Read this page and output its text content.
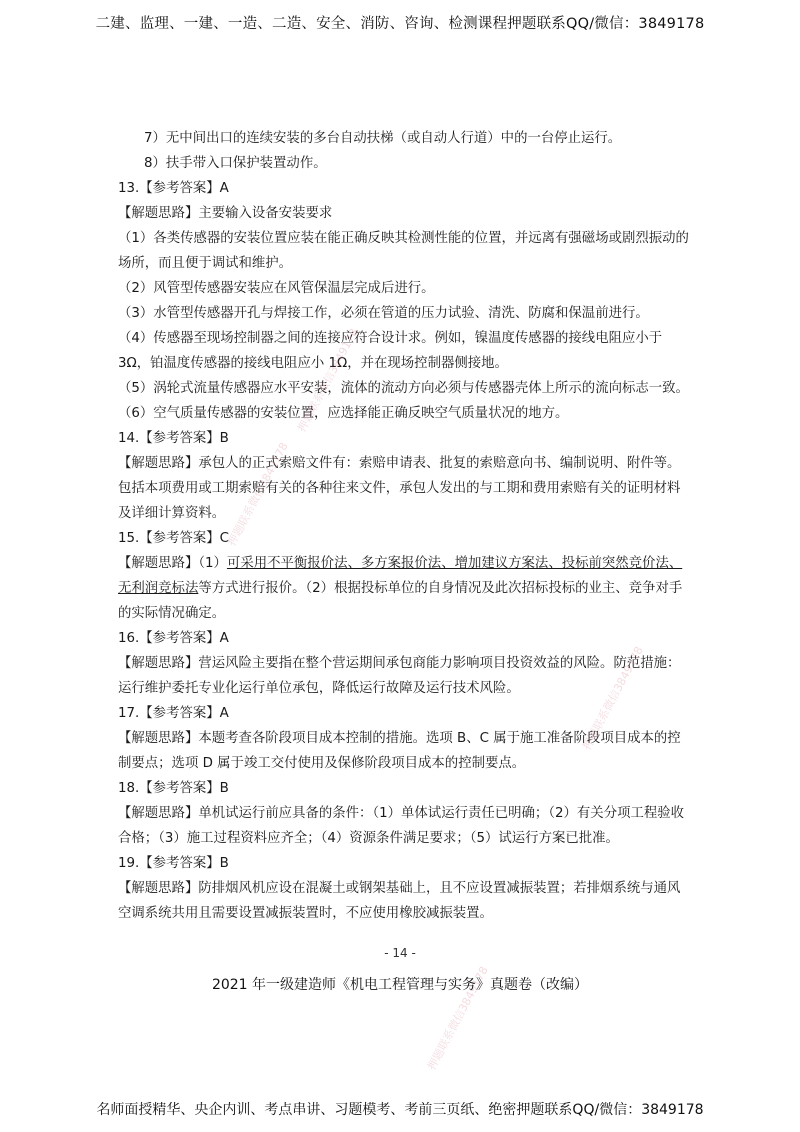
二建、监理、一建、一造、二造、安全、消防、咨询、检测课程押题联系QQ/微信：3849178

7）无中间出口的连续安装的多台自动扶梯（或自动人行道）中的一台停止运行。

8）扶手带入口保护装置动作。

13.【参考答案】A

【解题思路】主要输入设备安装要求

（1）各类传感器的安装位置应装在能正确反映其检测性能的位置，并远离有强磁场或剧烈振动的场所，而且便于调试和维护。

（2）风管型传感器安装应在风管保温层完成后进行。

（3）水管型传感器开孔与焊接工作，必须在管道的压力试验、清洗、防腐和保温前进行。

（4）传感器至现场控制器之间的连接应符合设计求。例如，镍温度传感器的接线电阻应小于 3Ω，铂温度传感器的接线电阻应小 1Ω，并在现场控制器侧接地。

（5）涡轮式流量传感器应水平安装，流体的流动方向必须与传感器壳体上所示的流向标志一致。

（6）空气质量传感器的安装位置，应选择能正确反映空气质量状况的地方。

14.【参考答案】B

【解题思路】承包人的正式索赔文件有：索赔申请表、批复的索赔意向书、编制说明、附件等。包括本项费用或工期索赔有关的各种往来文件，承包人发出的与工期和费用索赔有关的证明材料及详细计算资料。

15.【参考答案】C

【解题思路】（1）可采用不平衡报价法、多方案报价法、增加建议方案法、投标前突然竞价法、无利润竞标法等方式进行报价。（2）根据投标单位的自身情况及此次招标投标的业主、竞争对手的实际情况确定。

16.【参考答案】A

【解题思路】营运风险主要指在整个营运期间承包商能力影响项目投资效益的风险。防范措施：运行维护委托专业化运行单位承包，降低运行故障及运行技术风险。

17.【参考答案】A

【解题思路】本题考查各阶段项目成本控制的措施。选项 B、C 属于施工准备阶段项目成本的控制要点；选项 D 属于竣工交付使用及保修阶段项目成本的控制要点。

18.【参考答案】B

【解题思路】单机试运行前应具备的条件：（1）单体试运行责任已明确；（2）有关分项工程验收合格；（3）施工过程资料应齐全；（4）资源条件满足要求；（5）试运行方案已批准。

19.【参考答案】B

【解题思路】防排烟风机应设在混凝土或钢架基础上，且不应设置减振装置；若排烟系统与通风空调系统共用且需要设置减振装置时，不应使用橡胶减振装置。

押题联系微信3849178
押题联系微信3849178
押题联系微信3849178
押题联系微信3849178
- 14 -
2021 年一级建造师《机电工程管理与实务》真题卷（改编）
名师面授精华、央企内训、考点串讲、习题模考、考前三页纸、绝密押题联系QQ/微信：3849178
